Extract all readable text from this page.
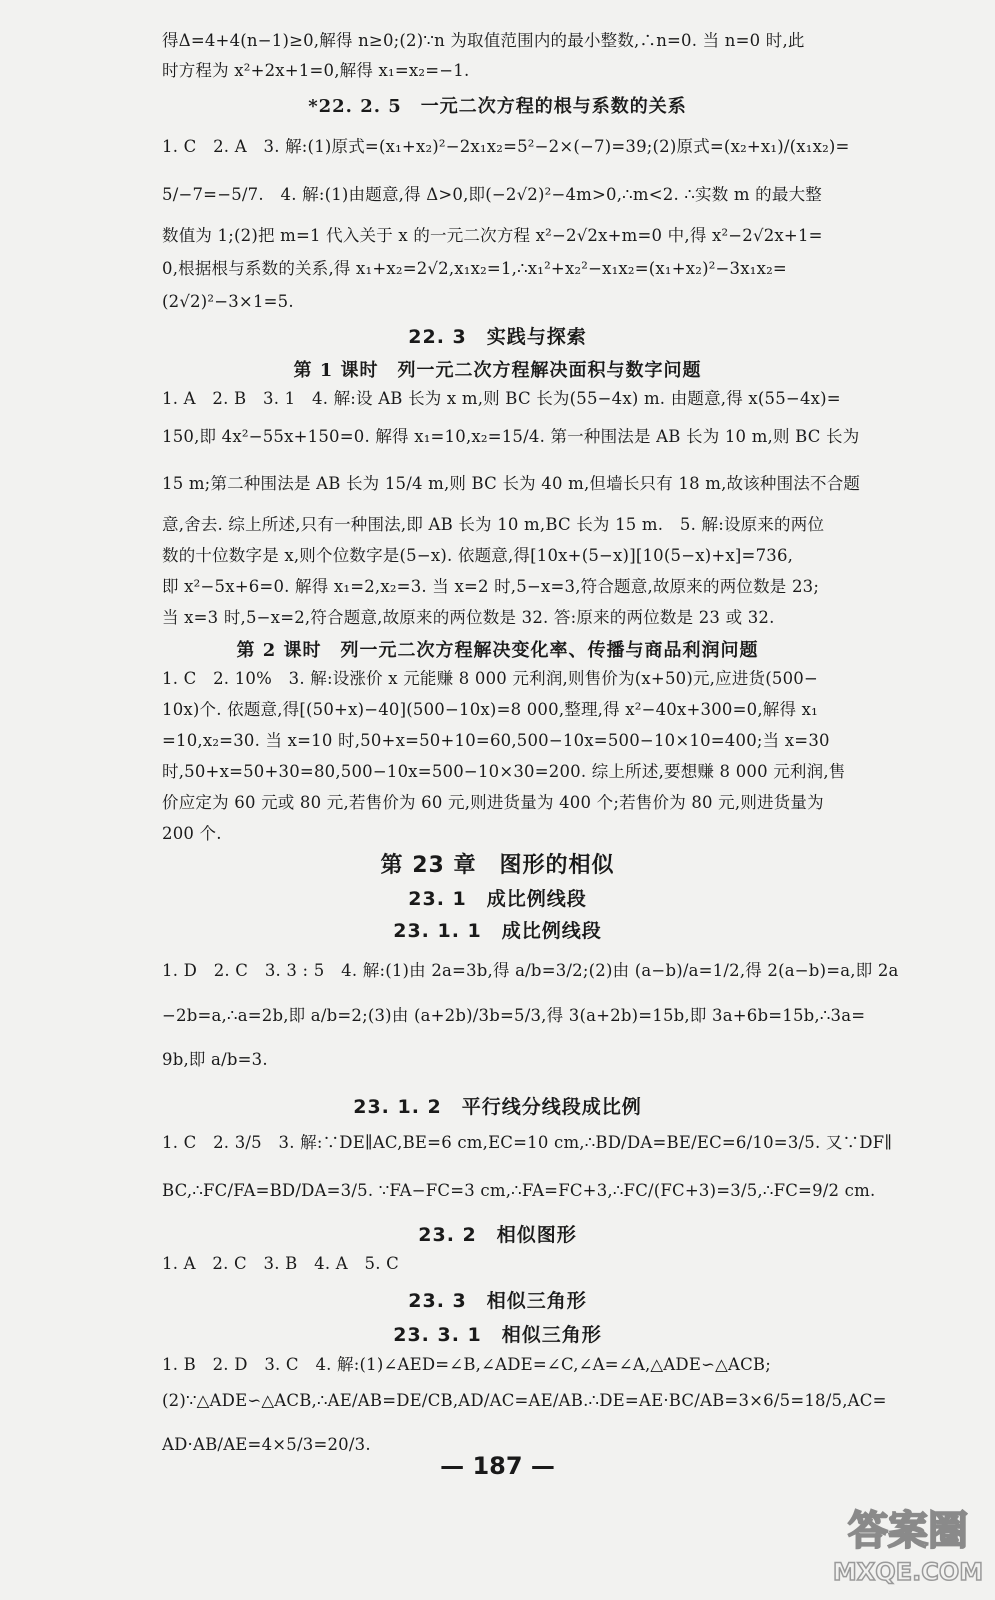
得Δ=4+4(n−1)≥0,解得 n≥0;(2)∵n 为取值范围内的最小整数,∴n=0. 当 n=0 时,此
时方程为 x²+2x+1=0,解得 x₁=x₂=−1.
*22. 2. 5　一元二次方程的根与系数的关系
1. C　2. A　3. 解:(1)原式=(x₁+x₂)²−2x₁x₂=5²−2×(−7)=39;(2)原式=(x₂+x₁)/(x₁x₂)=
5/−7=−5/7.　4. 解:(1)由题意,得 Δ>0,即(−2√2)²−4m>0,∴m<2. ∴实数 m 的最大整
数值为 1;(2)把 m=1 代入关于 x 的一元二次方程 x²−2√2x+m=0 中,得 x²−2√2x+1=
0,根据根与系数的关系,得 x₁+x₂=2√2,x₁x₂=1,∴x₁²+x₂²−x₁x₂=(x₁+x₂)²−3x₁x₂=
(2√2)²−3×1=5.
22. 3　实践与探索
第 1 课时　列一元二次方程解决面积与数字问题
1. A　2. B　3. 1　4. 解:设 AB 长为 x m,则 BC 长为(55−4x) m. 由题意,得 x(55−4x)=
150,即 4x²−55x+150=0. 解得 x₁=10,x₂=15/4. 第一种围法是 AB 长为 10 m,则 BC 长为
15 m;第二种围法是 AB 长为 15/4 m,则 BC 长为 40 m,但墙长只有 18 m,故该种围法不合题
意,舍去. 综上所述,只有一种围法,即 AB 长为 10 m,BC 长为 15 m.　5. 解:设原来的两位
数的十位数字是 x,则个位数字是(5−x). 依题意,得[10x+(5−x)][10(5−x)+x]=736,
即 x²−5x+6=0. 解得 x₁=2,x₂=3. 当 x=2 时,5−x=3,符合题意,故原来的两位数是 23;
当 x=3 时,5−x=2,符合题意,故原来的两位数是 32. 答:原来的两位数是 23 或 32.
第 2 课时　列一元二次方程解决变化率、传播与商品利润问题
1. C　2. 10%　3. 解:设涨价 x 元能赚 8 000 元利润,则售价为(x+50)元,应进货(500−
10x)个. 依题意,得[(50+x)−40](500−10x)=8 000,整理,得 x²−40x+300=0,解得 x₁
=10,x₂=30. 当 x=10 时,50+x=50+10=60,500−10x=500−10×10=400;当 x=30
时,50+x=50+30=80,500−10x=500−10×30=200. 综上所述,要想赚 8 000 元利润,售
价应定为 60 元或 80 元,若售价为 60 元,则进货量为 400 个;若售价为 80 元,则进货量为
200 个.
第 23 章　图形的相似
23. 1　成比例线段
23. 1. 1　成比例线段
1. D　2. C　3. 3 : 5　4. 解:(1)由 2a=3b,得 a/b=3/2;(2)由 (a−b)/a=1/2,得 2(a−b)=a,即 2a
−2b=a,∴a=2b,即 a/b=2;(3)由 (a+2b)/3b=5/3,得 3(a+2b)=15b,即 3a+6b=15b,∴3a=
9b,即 a/b=3.
23. 1. 2　平行线分线段成比例
1. C　2. 3/5　3. 解:∵DE∥AC,BE=6 cm,EC=10 cm,∴BD/DA=BE/EC=6/10=3/5. 又∵DF∥
BC,∴FC/FA=BD/DA=3/5. ∵FA−FC=3 cm,∴FA=FC+3,∴FC/(FC+3)=3/5,∴FC=9/2 cm.
23. 2　相似图形
1. A　2. C　3. B　4. A　5. C
23. 3　相似三角形
23. 3. 1　相似三角形
1. B　2. D　3. C　4. 解:(1)∠AED=∠B,∠ADE=∠C,∠A=∠A,△ADE∽△ACB;
(2)∵△ADE∽△ACB,∴AE/AB=DE/CB,AD/AC=AE/AB.∴DE=AE·BC/AB=3×6/5=18/5,AC=
AD·AB/AE=4×5/3=20/3.
— 187 —
答案圈
MXQE.COM
